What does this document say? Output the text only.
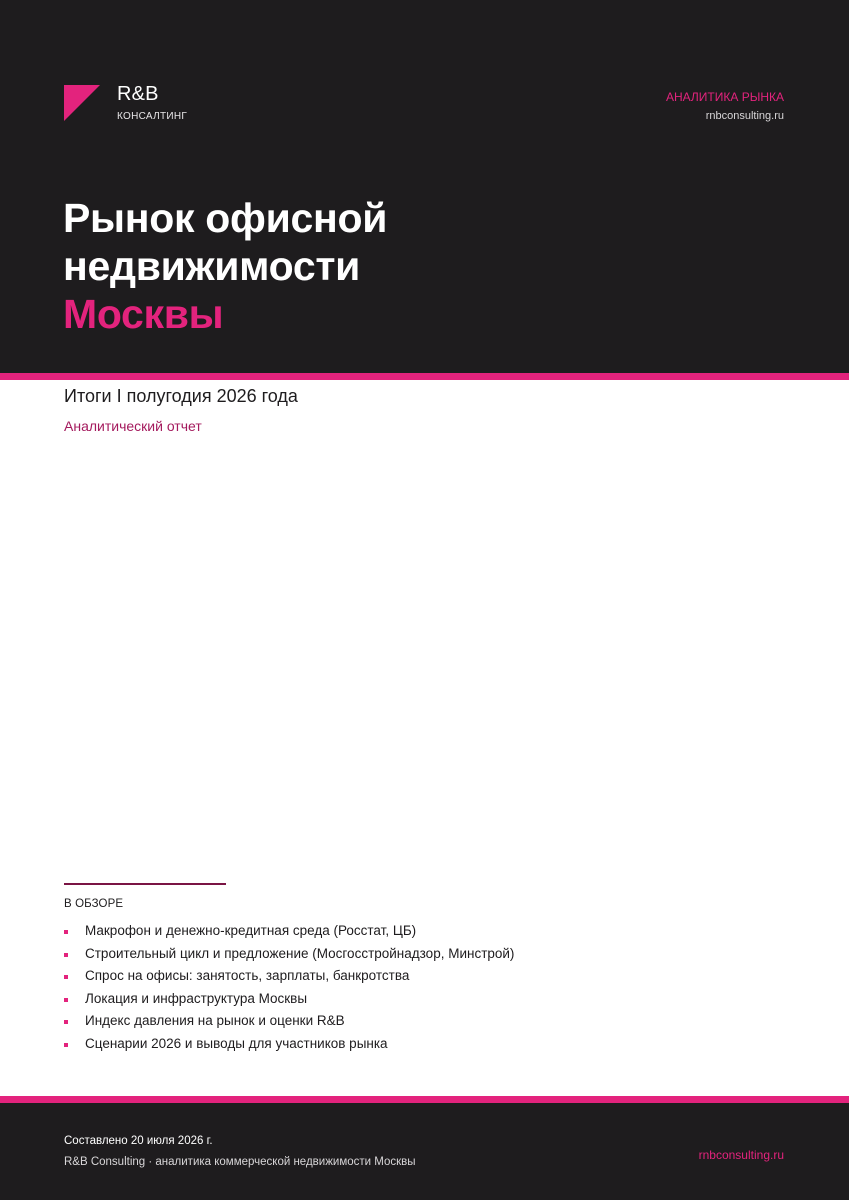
R&B
КОНСАЛТИНГ
АНАЛИТИКА РЫНКА
rnbconsulting.ru
Рынок офисной
недвижимости
Москвы
Итоги I полугодия 2026 года
Аналитический отчет
В ОБЗОРЕ
Макрофон и денежно-кредитная среда (Росстат, ЦБ)
Строительный цикл и предложение (Мосгосстройнадзор, Минстрой)
Спрос на офисы: занятость, зарплаты, банкротства
Локация и инфраструктура Москвы
Индекс давления на рынок и оценки R&B
Сценарии 2026 и выводы для участников рынка
Составлено 20 июля 2026 г.
R&B Consulting · аналитика коммерческой недвижимости Москвы	rnbconsulting.ru
